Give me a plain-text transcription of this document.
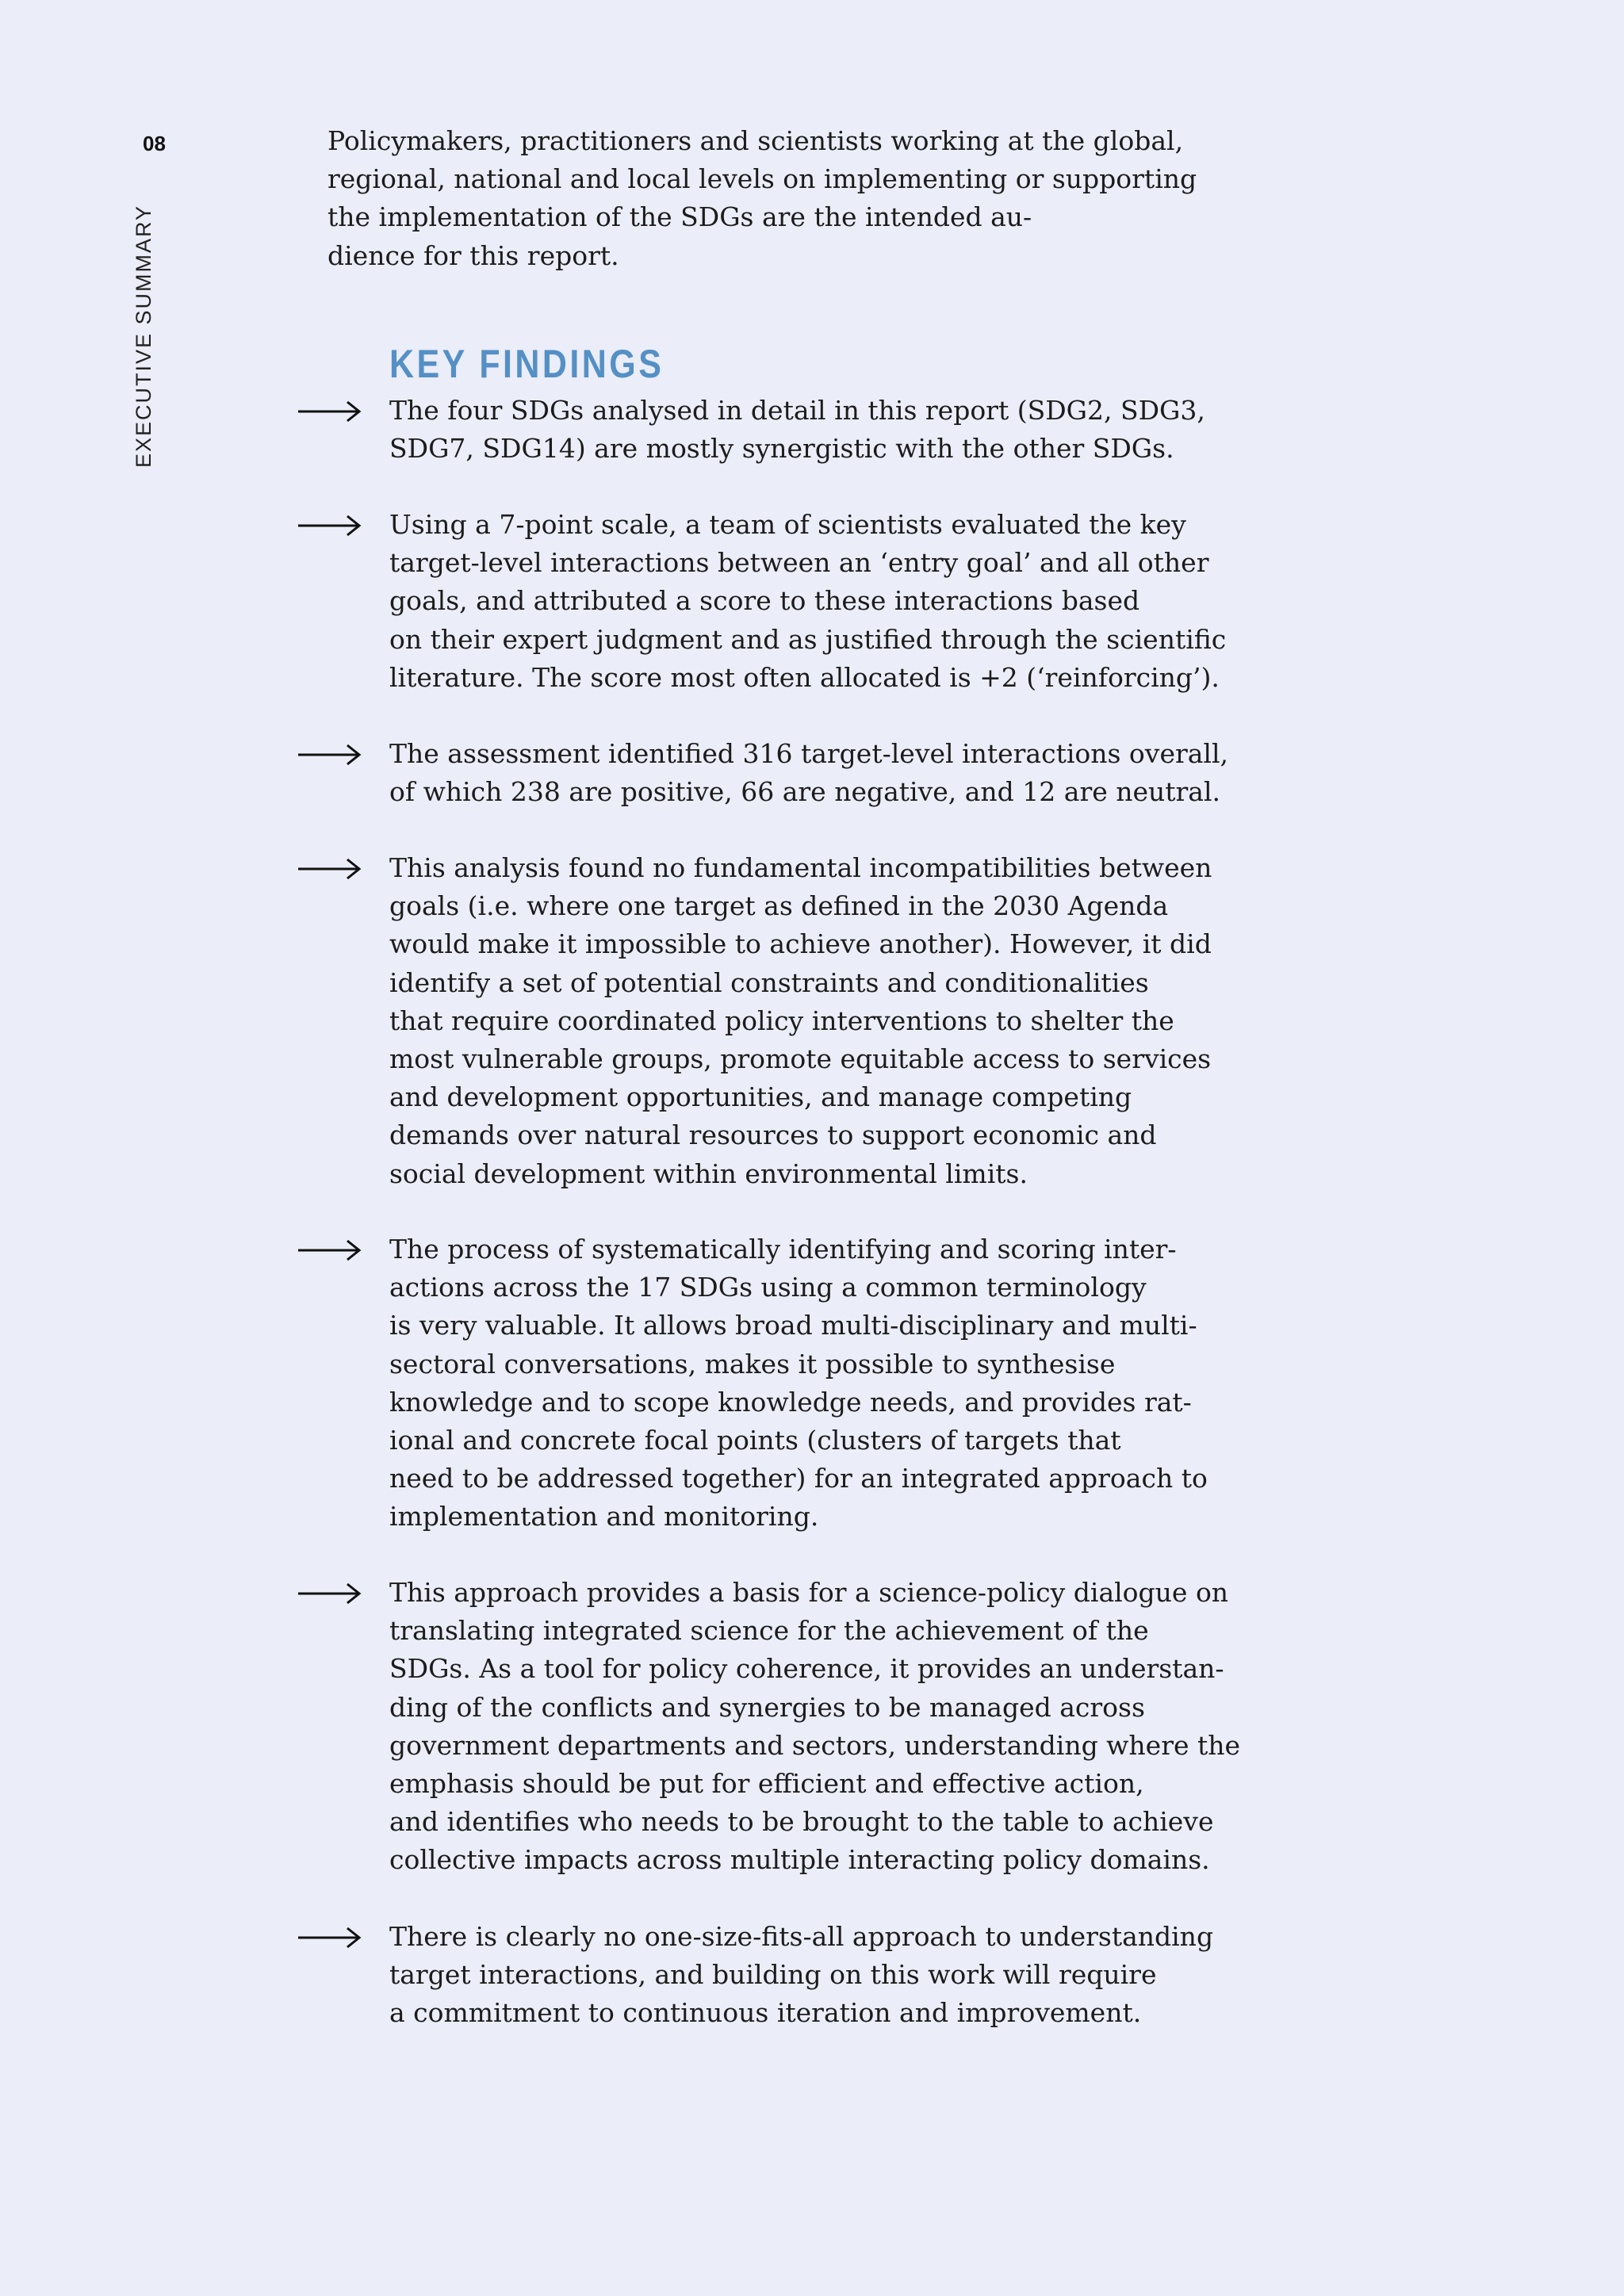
08
EXECUTIVE SUMMARY

Policymakers, practitioners and scientists working at the global,
regional, national and local levels on implementing or supporting
the implementation of the SDGs are the intended au-
dience for this report.

KEY FINDINGS

The four SDGs analysed in detail in this report (SDG2, SDG3,
SDG7, SDG14) are mostly synergistic with the other SDGs.

Using a 7-point scale, a team of scientists evaluated the key
target-level interactions between an ‘entry goal’ and all other
goals, and attributed a score to these interactions based
on their expert judgment and as justified through the scientific
literature. The score most often allocated is +2 (‘reinforcing’).

The assessment identified 316 target-level interactions overall,
of which 238 are positive, 66 are negative, and 12 are neutral.

This analysis found no fundamental incompatibilities between
goals (i.e. where one target as defined in the 2030 Agenda
would make it impossible to achieve another). However, it did
identify a set of potential constraints and conditionalities
that require coordinated policy interventions to shelter the
most vulnerable groups, promote equitable access to services
and development opportunities, and manage competing
demands over natural resources to support economic and
social development within environmental limits.

The process of systematically identifying and scoring inter-
actions across the 17 SDGs using a common terminology
is very valuable. It allows broad multi-disciplinary and multi-
sectoral conversations, makes it possible to synthesise
knowledge and to scope knowledge needs, and provides rat-
ional and concrete focal points (clusters of targets that
need to be addressed together) for an integrated approach to
implementation and monitoring.

This approach provides a basis for a science-policy dialogue on
translating integrated science for the achievement of the
SDGs. As a tool for policy coherence, it provides an understan-
ding of the conflicts and synergies to be managed across
government departments and sectors, understanding where the
emphasis should be put for efficient and effective action,
and identifies who needs to be brought to the table to achieve
collective impacts across multiple interacting policy domains.

There is clearly no one-size-fits-all approach to understanding
target interactions, and building on this work will require
a commitment to continuous iteration and improvement.
